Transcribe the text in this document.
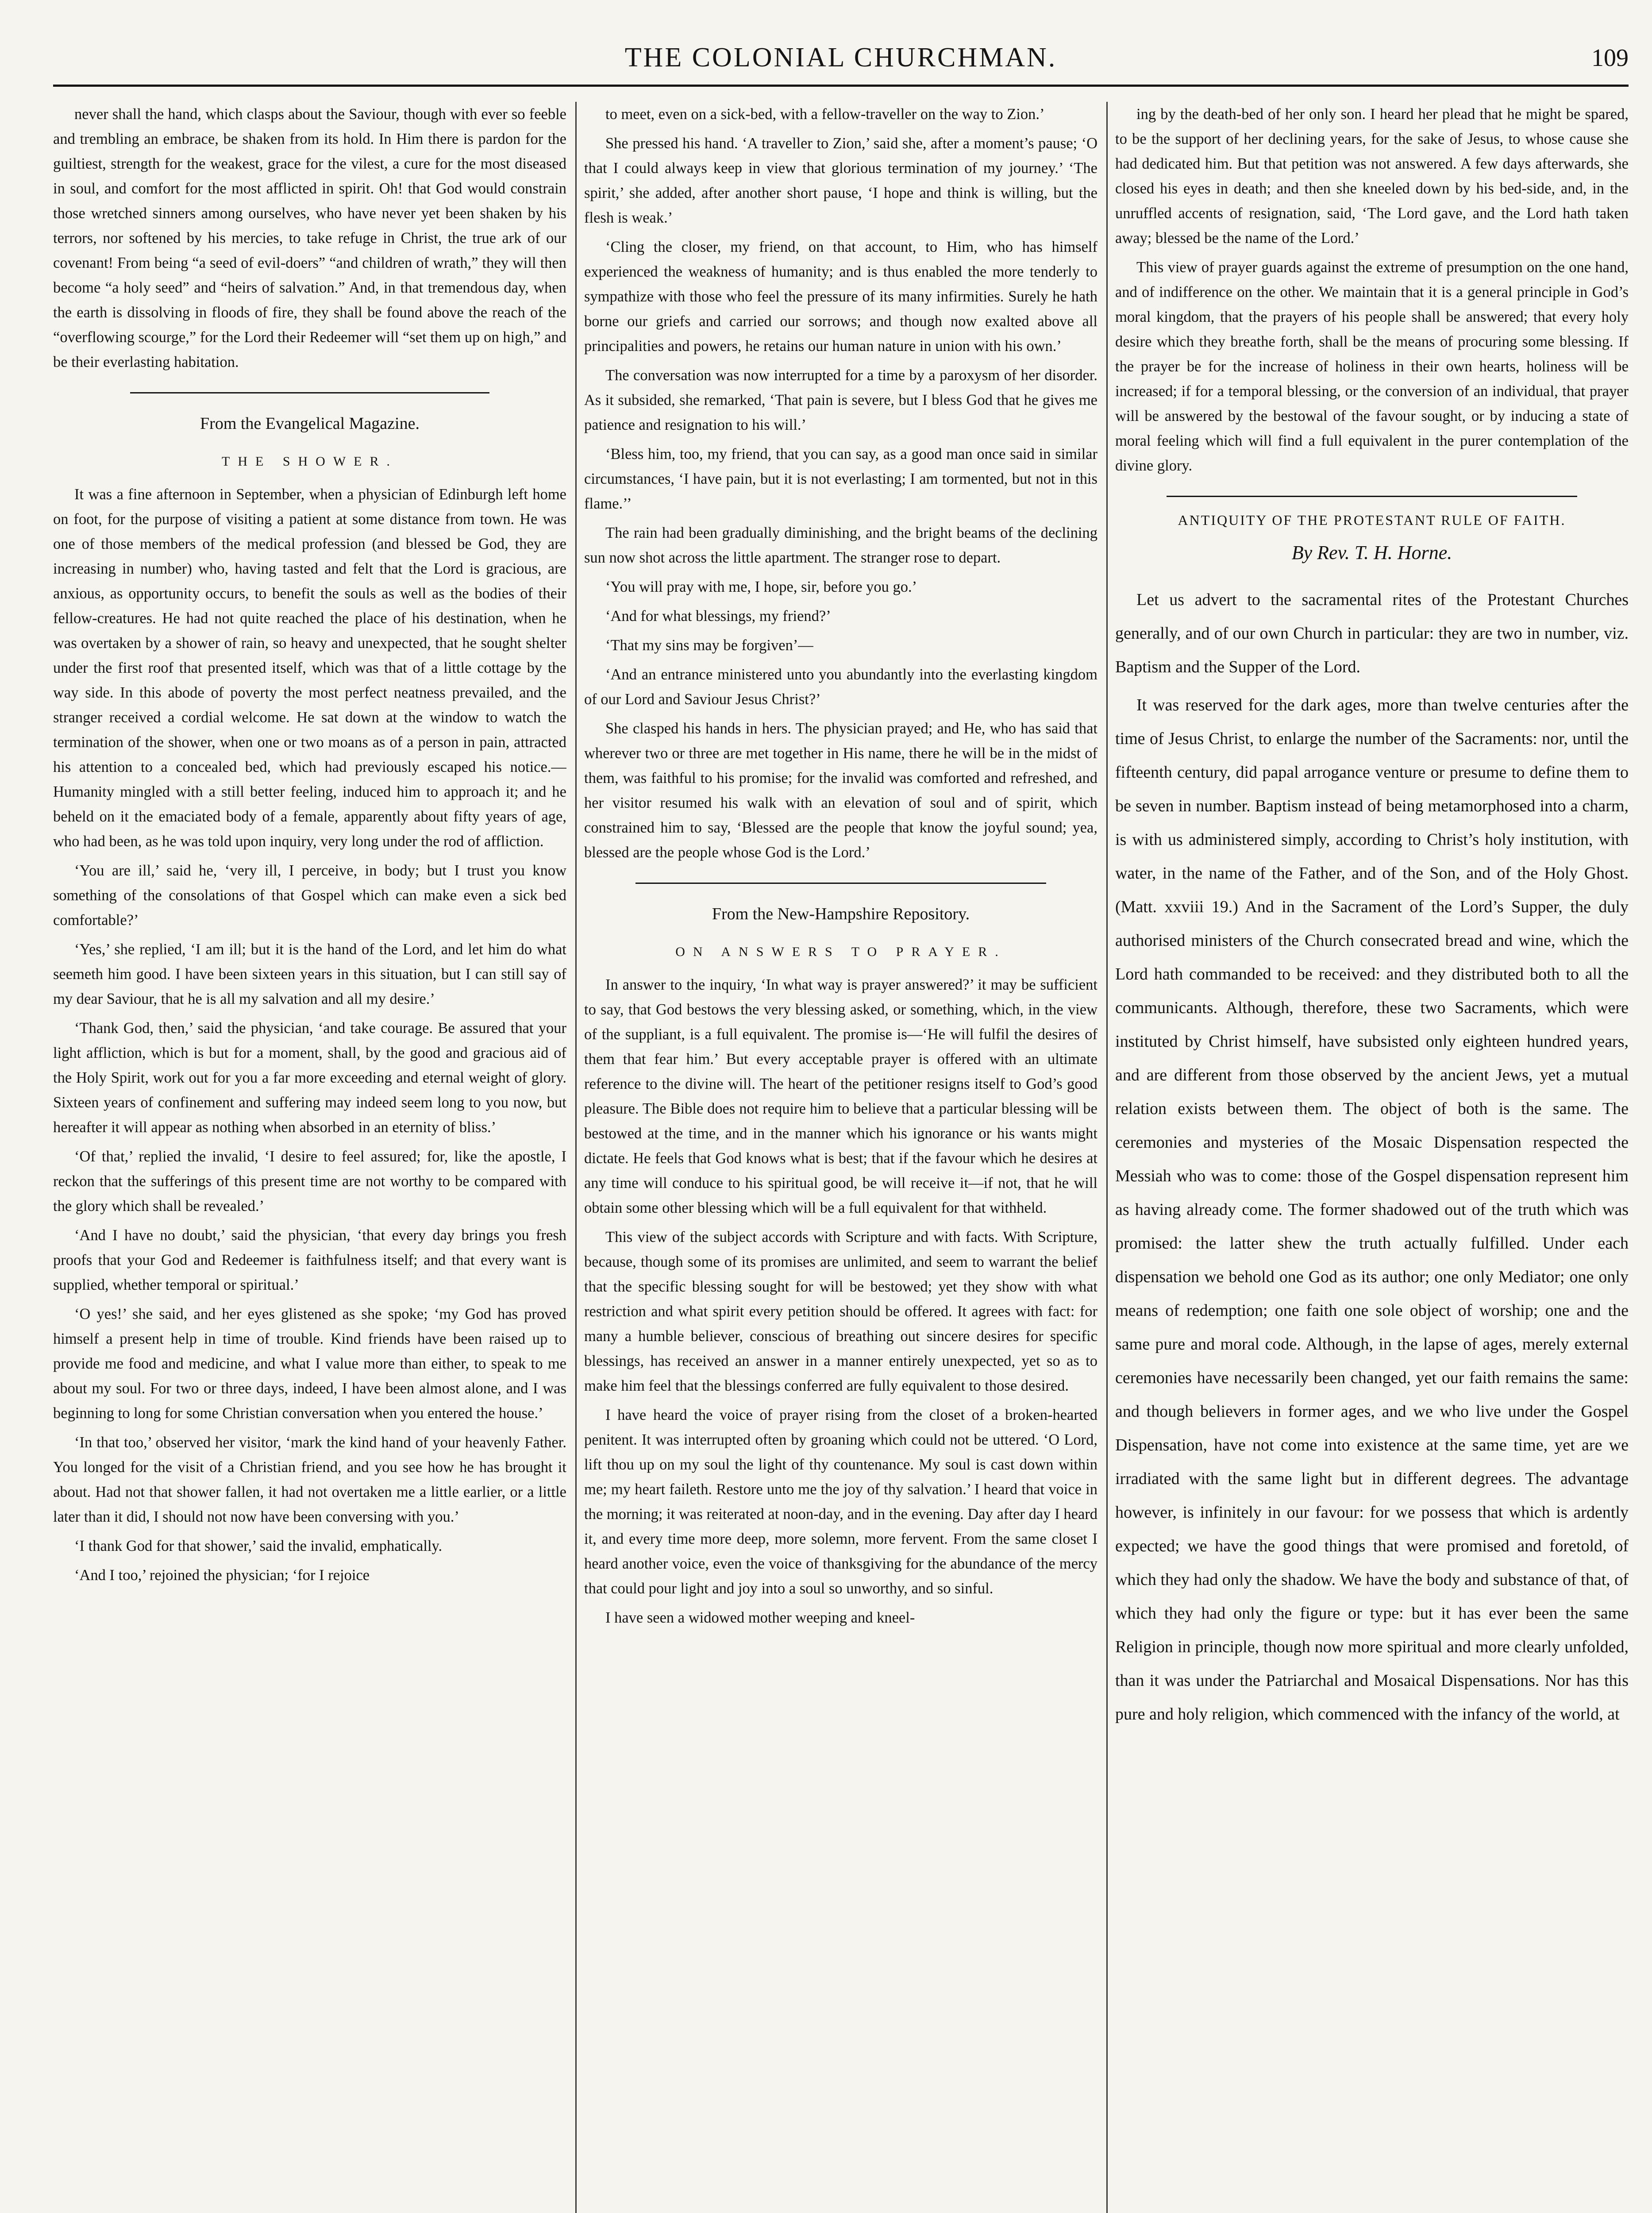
THE COLONIAL CHURCHMAN.	109

never shall the hand, which clasps about the Saviour, though with ever so feeble and trembling an embrace, be shaken from its hold. In Him there is pardon for the guiltiest, strength for the weakest, grace for the vilest, a cure for the most diseased in soul, and comfort for the most afflicted in spirit. Oh! that God would constrain those wretched sinners among ourselves, who have never yet been shaken by his terrors, nor softened by his mercies, to take refuge in Christ, the true ark of our covenant! From being “a seed of evil-doers” “and children of wrath,” they will then become “a holy seed” and “heirs of salvation.” And, in that tremendous day, when the earth is dissolving in floods of fire, they shall be found above the reach of the “overflowing scourge,” for the Lord their Redeemer will “set them up on high,” and be their everlasting habitation.

From the Evangelical Magazine.
THE SHOWER.

It was a fine afternoon in September, when a physician of Edinburgh left home on foot, for the purpose of visiting a patient at some distance from town. He was one of those members of the medical profession (and blessed be God, they are increasing in number) who, having tasted and felt that the Lord is gracious, are anxious, as opportunity occurs, to benefit the souls as well as the bodies of their fellow-creatures. He had not quite reached the place of his destination, when he was overtaken by a shower of rain, so heavy and unexpected, that he sought shelter under the first roof that presented itself, which was that of a little cottage by the way side. In this abode of poverty the most perfect neatness prevailed, and the stranger received a cordial welcome. He sat down at the window to watch the termination of the shower, when one or two moans as of a person in pain, attracted his attention to a concealed bed, which had previously escaped his notice.—Humanity mingled with a still better feeling, induced him to approach it; and he beheld on it the emaciated body of a female, apparently about fifty years of age, who had been, as he was told upon inquiry, very long under the rod of affliction.

‘You are ill,’ said he, ‘very ill, I perceive, in body; but I trust you know something of the consolations of that Gospel which can make even a sick bed comfortable?’

‘Yes,’ she replied, ‘I am ill; but it is the hand of the Lord, and let him do what seemeth him good. I have been sixteen years in this situation, but I can still say of my dear Saviour, that he is all my salvation and all my desire.’

‘Thank God, then,’ said the physician, ‘and take courage. Be assured that your light affliction, which is but for a moment, shall, by the good and gracious aid of the Holy Spirit, work out for you a far more exceeding and eternal weight of glory. Sixteen years of confinement and suffering may indeed seem long to you now, but hereafter it will appear as nothing when absorbed in an eternity of bliss.’

‘Of that,’ replied the invalid, ‘I desire to feel assured; for, like the apostle, I reckon that the sufferings of this present time are not worthy to be compared with the glory which shall be revealed.’

‘And I have no doubt,’ said the physician, ‘that every day brings you fresh proofs that your God and Redeemer is faithfulness itself; and that every want is supplied, whether temporal or spiritual.’

‘O yes!’ she said, and her eyes glistened as she spoke; ‘my God has proved himself a present help in time of trouble. Kind friends have been raised up to provide me food and medicine, and what I value more than either, to speak to me about my soul. For two or three days, indeed, I have been almost alone, and I was beginning to long for some Christian conversation when you entered the house.’

‘In that too,’ observed her visitor, ‘mark the kind hand of your heavenly Father. You longed for the visit of a Christian friend, and you see how he has brought it about. Had not that shower fallen, it had not overtaken me a little earlier, or a little later than it did, I should not now have been conversing with you.’

‘I thank God for that shower,’ said the invalid, emphatically.

‘And I too,’ rejoined the physician; ‘for I rejoice

to meet, even on a sick-bed, with a fellow-traveller on the way to Zion.’

She pressed his hand. ‘A traveller to Zion,’ said she, after a moment’s pause; ‘O that I could always keep in view that glorious termination of my journey.’ ‘The spirit,’ she added, after another short pause, ‘I hope and think is willing, but the flesh is weak.’

‘Cling the closer, my friend, on that account, to Him, who has himself experienced the weakness of humanity; and is thus enabled the more tenderly to sympathize with those who feel the pressure of its many infirmities. Surely he hath borne our griefs and carried our sorrows; and though now exalted above all principalities and powers, he retains our human nature in union with his own.’

The conversation was now interrupted for a time by a paroxysm of her disorder. As it subsided, she remarked, ‘That pain is severe, but I bless God that he gives me patience and resignation to his will.’

‘Bless him, too, my friend, that you can say, as a good man once said in similar circumstances, ‘I have pain, but it is not everlasting; I am tormented, but not in this flame.’’

The rain had been gradually diminishing, and the bright beams of the declining sun now shot across the little apartment. The stranger rose to depart.

‘You will pray with me, I hope, sir, before you go.’

‘And for what blessings, my friend?’

‘That my sins may be forgiven’—

‘And an entrance ministered unto you abundantly into the everlasting kingdom of our Lord and Saviour Jesus Christ?’

She clasped his hands in hers. The physician prayed; and He, who has said that wherever two or three are met together in His name, there he will be in the midst of them, was faithful to his promise; for the invalid was comforted and refreshed, and her visitor resumed his walk with an elevation of soul and of spirit, which constrained him to say, ‘Blessed are the people that know the joyful sound; yea, blessed are the people whose God is the Lord.’

From the New-Hampshire Repository.
ON ANSWERS TO PRAYER.

In answer to the inquiry, ‘In what way is prayer answered?’ it may be sufficient to say, that God bestows the very blessing asked, or something, which, in the view of the suppliant, is a full equivalent. The promise is—‘He will fulfil the desires of them that fear him.’ But every acceptable prayer is offered with an ultimate reference to the divine will. The heart of the petitioner resigns itself to God’s good pleasure. The Bible does not require him to believe that a particular blessing will be bestowed at the time, and in the manner which his ignorance or his wants might dictate. He feels that God knows what is best; that if the favour which he desires at any time will conduce to his spiritual good, be will receive it—if not, that he will obtain some other blessing which will be a full equivalent for that withheld.

This view of the subject accords with Scripture and with facts. With Scripture, because, though some of its promises are unlimited, and seem to warrant the belief that the specific blessing sought for will be bestowed; yet they show with what restriction and what spirit every petition should be offered. It agrees with fact: for many a humble believer, conscious of breathing out sincere desires for specific blessings, has received an answer in a manner entirely unexpected, yet so as to make him feel that the blessings conferred are fully equivalent to those desired.

I have heard the voice of prayer rising from the closet of a broken-hearted penitent. It was interrupted often by groaning which could not be uttered. ‘O Lord, lift thou up on my soul the light of thy countenance. My soul is cast down within me; my heart faileth. Restore unto me the joy of thy salvation.’ I heard that voice in the morning; it was reiterated at noon-day, and in the evening. Day after day I heard it, and every time more deep, more solemn, more fervent. From the same closet I heard another voice, even the voice of thanksgiving for the abundance of the mercy that could pour light and joy into a soul so unworthy, and so sinful.

I have seen a widowed mother weeping and kneel-

ing by the death-bed of her only son. I heard her plead that he might be spared, to be the support of her declining years, for the sake of Jesus, to whose cause she had dedicated him. But that petition was not answered. A few days afterwards, she closed his eyes in death; and then she kneeled down by his bed-side, and, in the unruffled accents of resignation, said, ‘The Lord gave, and the Lord hath taken away; blessed be the name of the Lord.’

This view of prayer guards against the extreme of presumption on the one hand, and of indifference on the other. We maintain that it is a general principle in God’s moral kingdom, that the prayers of his people shall be answered; that every holy desire which they breathe forth, shall be the means of procuring some blessing. If the prayer be for the increase of holiness in their own hearts, holiness will be increased; if for a temporal blessing, or the conversion of an individual, that prayer will be answered by the bestowal of the favour sought, or by inducing a state of moral feeling which will find a full equivalent in the purer contemplation of the divine glory.

ANTIQUITY OF THE PROTESTANT RULE OF FAITH.
By Rev. T. H. Horne.

Let us advert to the sacramental rites of the Protestant Churches generally, and of our own Church in particular: they are two in number, viz. Baptism and the Supper of the Lord.

It was reserved for the dark ages, more than twelve centuries after the time of Jesus Christ, to enlarge the number of the Sacraments: nor, until the fifteenth century, did papal arrogance venture or presume to define them to be seven in number. Baptism instead of being metamorphosed into a charm, is with us administered simply, according to Christ’s holy institution, with water, in the name of the Father, and of the Son, and of the Holy Ghost. (Matt. xxviii 19.) And in the Sacrament of the Lord’s Supper, the duly authorised ministers of the Church consecrated bread and wine, which the Lord hath commanded to be received: and they distributed both to all the communicants. Although, therefore, these two Sacraments, which were instituted by Christ himself, have subsisted only eighteen hundred years, and are different from those observed by the ancient Jews, yet a mutual relation exists between them. The object of both is the same. The ceremonies and mysteries of the Mosaic Dispensation respected the Messiah who was to come: those of the Gospel dispensation represent him as having already come. The former shadowed out of the truth which was promised: the latter shew the truth actually fulfilled. Under each dispensation we behold one God as its author; one only Mediator; one only means of redemption; one faith one sole object of worship; one and the same pure and moral code. Although, in the lapse of ages, merely external ceremonies have necessarily been changed, yet our faith remains the same: and though believers in former ages, and we who live under the Gospel Dispensation, have not come into existence at the same time, yet are we irradiated with the same light but in different degrees. The advantage however, is infinitely in our favour: for we possess that which is ardently expected; we have the good things that were promised and foretold, of which they had only the shadow. We have the body and substance of that, of which they had only the figure or type: but it has ever been the same Religion in principle, though now more spiritual and more clearly unfolded, than it was under the Patriarchal and Mosaical Dispensations. Nor has this pure and holy religion, which commenced with the infancy of the world, at
